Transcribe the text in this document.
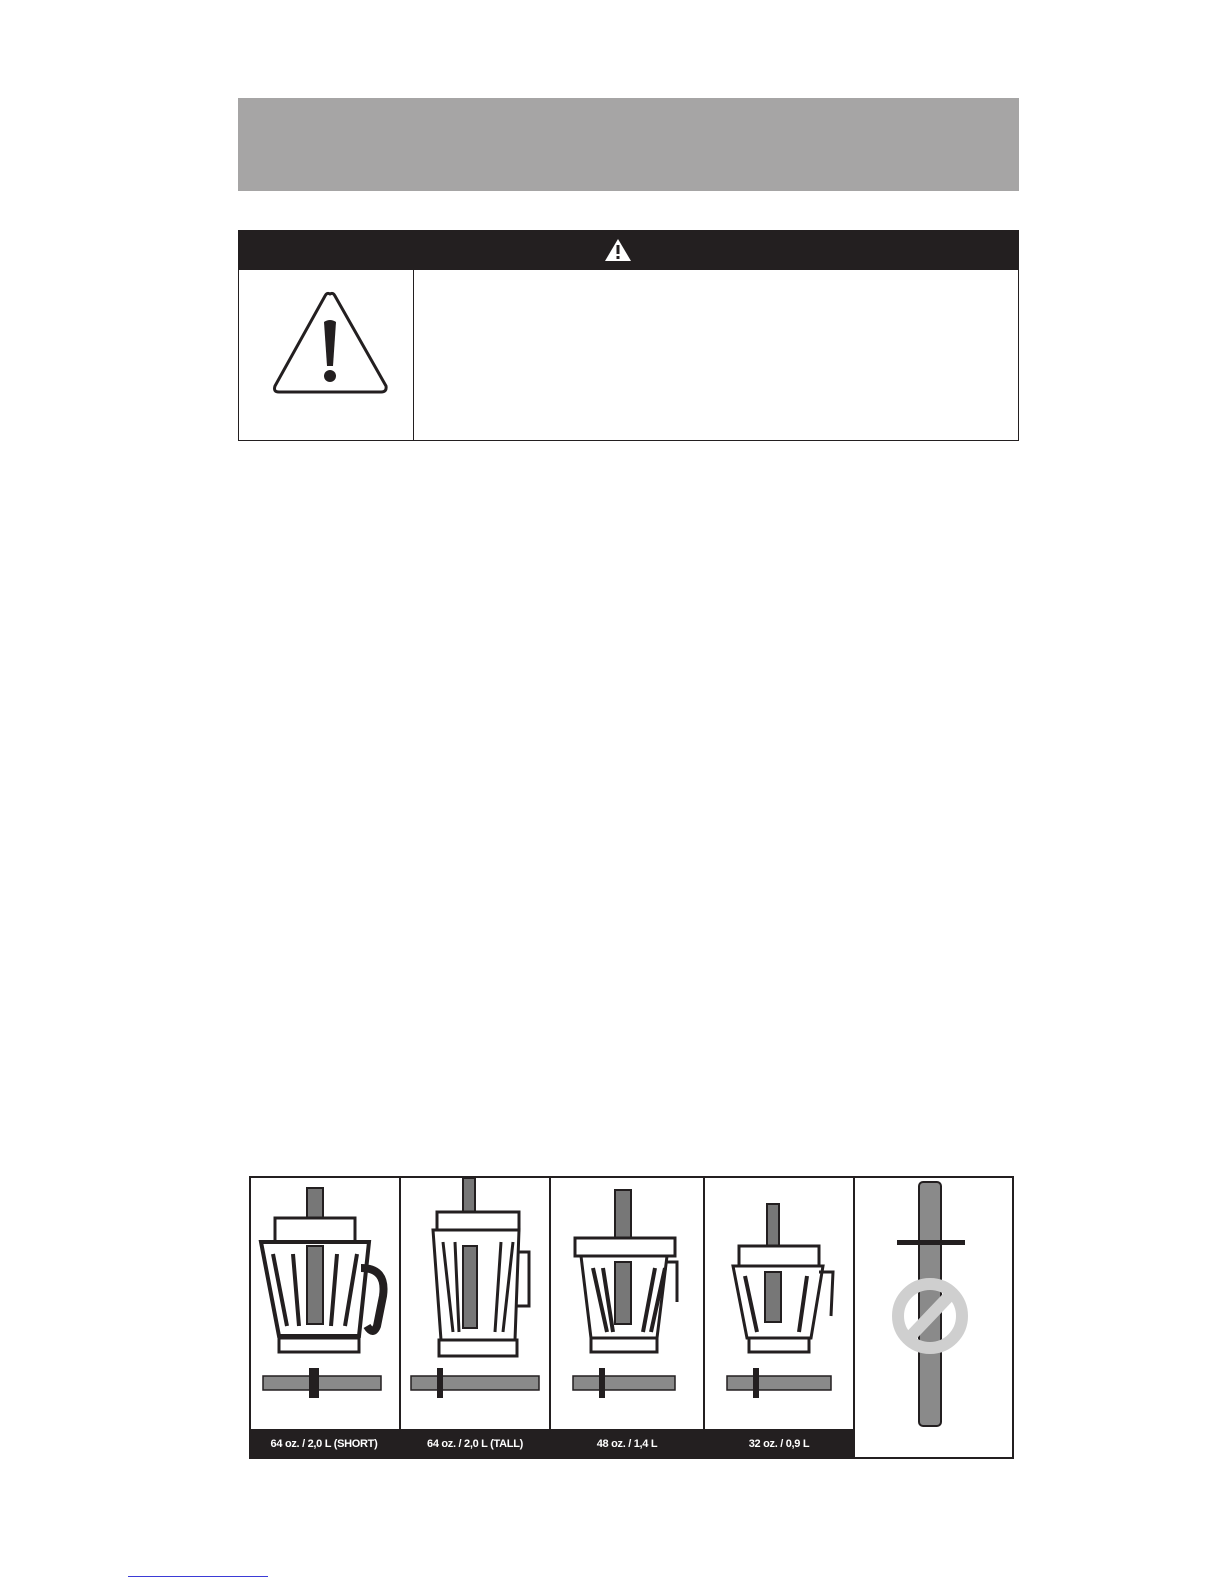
64 oz. / 2,0 L (SHORT)	64 oz. / 2,0 L (TALL)	48 oz. / 1,4 L	32 oz. / 0,9 L
